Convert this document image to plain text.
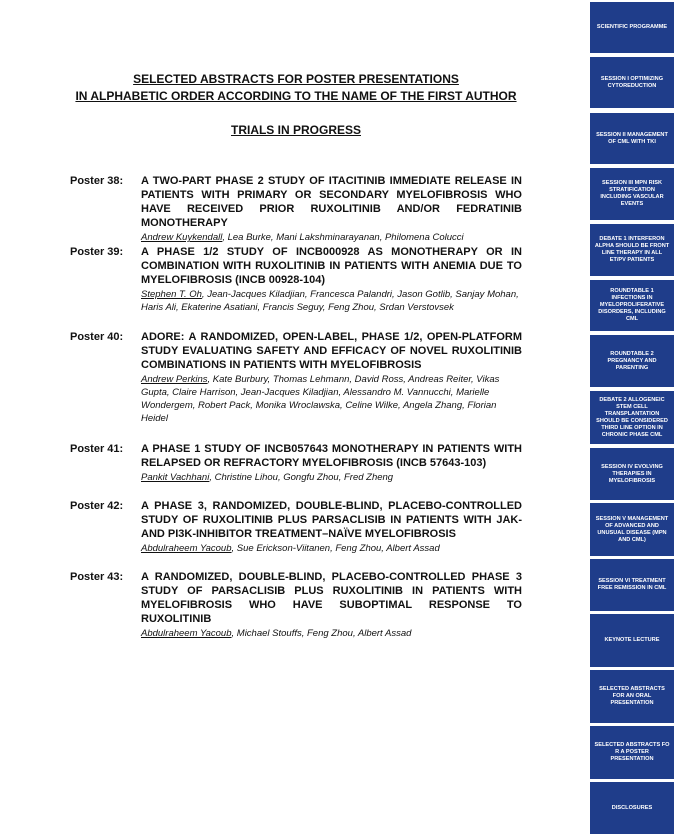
SELECTED ABSTRACTS FOR POSTER PRESENTATIONS
IN ALPHABETIC ORDER ACCORDING TO THE NAME OF THE FIRST AUTHOR
TRIALS IN PROGRESS
Poster 38: A TWO-PART PHASE 2 STUDY OF ITACITINIB IMMEDIATE RELEASE IN PATIENTS WITH PRIMARY OR SECONDARY MYELOFIBROSIS WHO HAVE RECEIVED PRIOR RUXOLITINIB AND/OR FEDRATINIB MONOTHERAPY
Andrew Kuykendall, Lea Burke, Mani Lakshminarayanan, Philomena Colucci
Poster 39: A PHASE 1/2 STUDY OF INCB000928 AS MONOTHERAPY OR IN COMBINATION WITH RUXOLITINIB IN PATIENTS WITH ANEMIA DUE TO MYELOFIBROSIS (INCB 00928-104)
Stephen T. Oh, Jean-Jacques Kiladjian, Francesca Palandri, Jason Gotlib, Sanjay Mohan, Haris Ali, Ekaterine Asatiani, Francis Seguy, Feng Zhou, Srdan Verstovsek
Poster 40: ADORE: A RANDOMIZED, OPEN-LABEL, PHASE 1/2, OPEN-PLATFORM STUDY EVALUATING SAFETY AND EFFICACY OF NOVEL RUXOLITINIB COMBINATIONS IN PATIENTS WITH MYELOFIBROSIS
Andrew Perkins, Kate Burbury, Thomas Lehmann, David Ross, Andreas Reiter, Vikas Gupta, Claire Harrison, Jean-Jacques Kiladjian, Alessandro M. Vannucchi, Marielle Wondergem, Robert Pack, Monika Wroclawska, Celine Wilke, Angela Zhang, Florian Heidel
Poster 41: A PHASE 1 STUDY OF INCB057643 MONOTHERAPY IN PATIENTS WITH RELAPSED OR REFRACTORY MYELOFIBROSIS (INCB 57643-103)
Pankit Vachhani, Christine Lihou, Gongfu Zhou, Fred Zheng
Poster 42: A PHASE 3, RANDOMIZED, DOUBLE-BLIND, PLACEBO-CONTROLLED STUDY OF RUXOLITINIB PLUS PARSACLISIB IN PATIENTS WITH JAK- AND PI3K-INHIBITOR TREATMENT–NAÏVE MYELOFIBROSIS
Abdulraheem Yacoub, Sue Erickson-Viitanen, Feng Zhou, Albert Assad
Poster 43: A RANDOMIZED, DOUBLE-BLIND, PLACEBO-CONTROLLED PHASE 3 STUDY OF PARSACLISIB PLUS RUXOLITINIB IN PATIENTS WITH MYELOFIBROSIS WHO HAVE SUBOPTIMAL RESPONSE TO RUXOLITINIB
Abdulraheem Yacoub, Michael Stouffs, Feng Zhou, Albert Assad
SCIENTIFIC PROGRAMME
SESSION I OPTIMIZING CYTOREDUCTION
SESSION II MANAGEMENT OF CML WITH TKI
SESSION III MPN RISK STRATIFICATION INCLUDING VASCULAR EVENTS
DEBATE 1 INTERFERON ALPHA SHOULD BE FRONT LINE THERAPY IN ALL ET/PV PATIENTS
ROUNDTABLE 1 INFECTIONS IN MYELOPROLIFERATIVE DISORDERS, INCLUDING CML
ROUNDTABLE 2 PREGNANCY AND PARENTING
DEBATE 2 ALLOGENEIC STEM CELL TRANSPLANTATION SHOULD BE CONSIDERED THIRD LINE OPTION IN CHRONIC PHASE CML
SESSION IV EVOLVING THERAPIES IN MYELOFIBROSIS
SESSION V MANAGEMENT OF ADVANCED AND UNUSUAL DISEASE (MPN AND CML)
SESSION VI TREATMENT FREE REMISSION IN CML
KEYNOTE LECTURE
SELECTED ABSTRACTS FOR AN ORAL PRESENTATION
SELECTED ABSTRACTS FO R A POSTER PRESENTATION
DISCLOSURES
